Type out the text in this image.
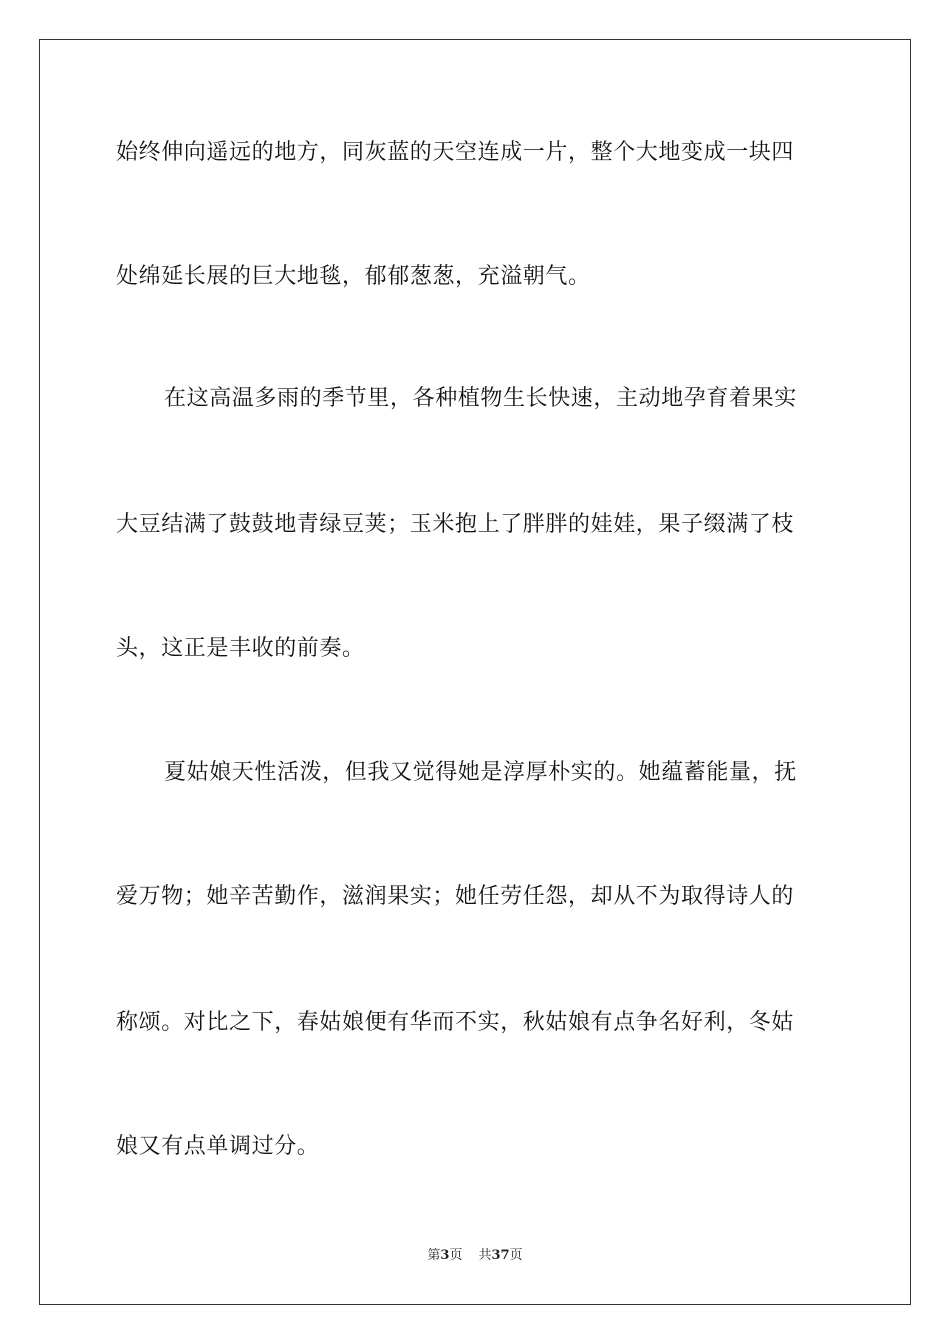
始终伸向遥远的地方，同灰蓝的天空连成一片，整个大地变成一块四
处绵延长展的巨大地毯，郁郁葱葱，充溢朝气。
在这高温多雨的季节里，各种植物生长快速，主动地孕育着果实
大豆结满了鼓鼓地青绿豆荚；玉米抱上了胖胖的娃娃，果子缀满了枝
头，这正是丰收的前奏。
夏姑娘天性活泼，但我又觉得她是淳厚朴实的。她蕴蓄能量，抚
爱万物；她辛苦勤作，滋润果实；她任劳任怨，却从不为取得诗人的
称颂。对比之下，春姑娘便有华而不实，秋姑娘有点争名好利，冬姑
娘又有点单调过分。
第3页 共37页
